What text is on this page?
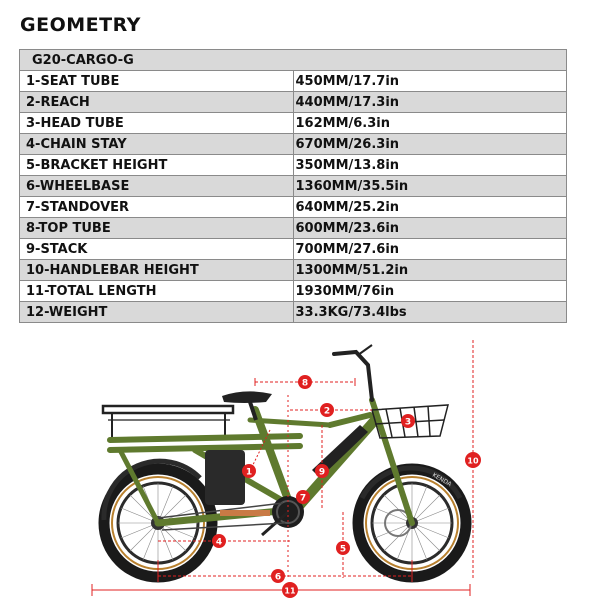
GEOMETRY
G20-CARGO-G	
1-SEAT TUBE	450MM/17.7in
2-REACH	440MM/17.3in
3-HEAD TUBE	162MM/6.3in
4-CHAIN STAY	670MM/26.3in
5-BRACKET HEIGHT	350MM/13.8in
6-WHEELBASE	1360MM/35.5in
7-STANDOVER	640MM/25.2in
8-TOP TUBE	600MM/23.6in
9-STACK	700MM/27.6in
10-HANDLEBAR HEIGHT	1300MM/51.2in
11-TOTAL LENGTH	1930MM/76in
12-WEIGHT	33.3KG/73.4lbs
KENDA
1
2
3
4
5
6
7
8
9
10
11
